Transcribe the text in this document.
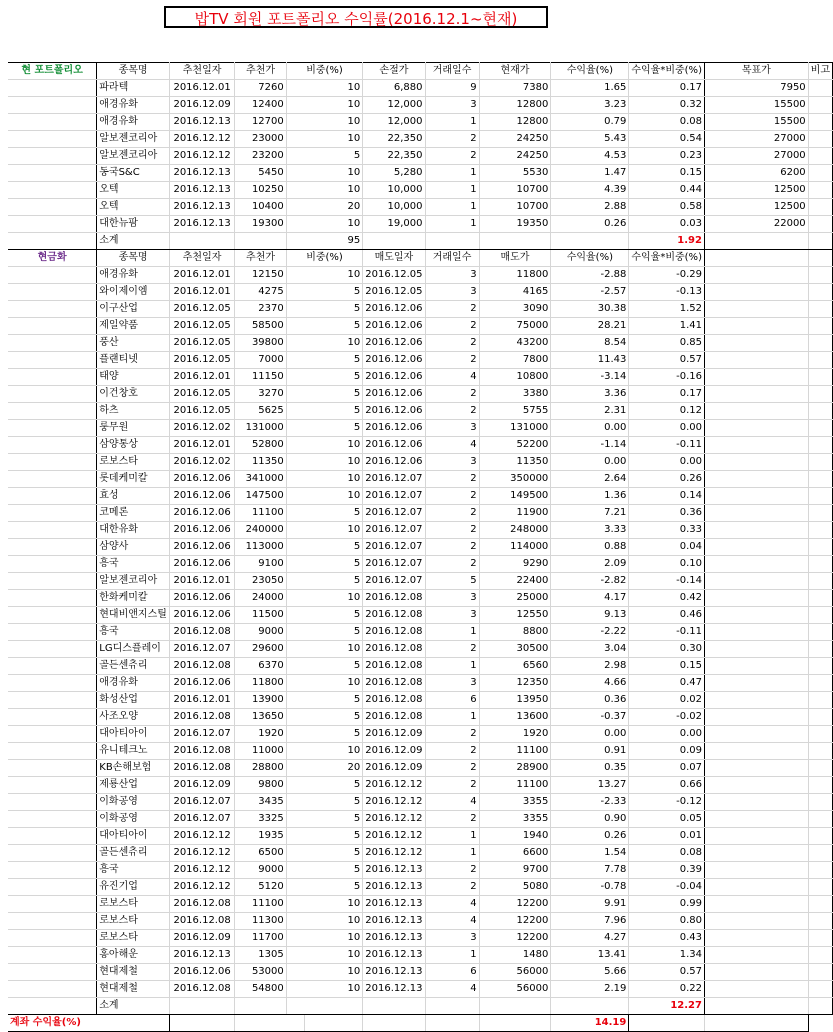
밥TV 회원 포트폴리오 수익률(2016.12.1~현재)
현 포트폴리오	종목명	추천일자	추천가	비중(%)		손절가	거래일수	현재가	수익율(%)	수익율*비중(%)	목표가	비고
	파라텍	2016.12.01	7260	10		6,880	9	7380	1.65	0.17	7950	
	애경유화	2016.12.09	12400	10		12,000	3	12800	3.23	0.32	15500	
	애경유화	2016.12.13	12700	10		12,000	1	12800	0.79	0.08	15500	
	알보젠코리아	2016.12.12	23000	10		22,350	2	24250	5.43	0.54	27000	
	알보젠코리아	2016.12.12	23200	5		22,350	2	24250	4.53	0.23	27000	
	동국S&C	2016.12.13	5450	10		5,280	1	5530	1.47	0.15	6200	
	오텍	2016.12.13	10250	10		10,000	1	10700	4.39	0.44	12500	
	오텍	2016.12.13	10400	20		10,000	1	10700	2.88	0.58	12500	
	대한뉴팜	2016.12.13	19300	10		19,000	1	19350	0.26	0.03	22000	
	소계			95						1.92		
현금화	종목명	추천일자	추천가	비중(%)		매도일자	거래일수	매도가	수익율(%)	수익율*비중(%)		
	애경유화	2016.12.01	12150	10		2016.12.05	3	11800	-2.88	-0.29		
	와이제이엠	2016.12.01	4275	5		2016.12.05	3	4165	-2.57	-0.13		
	이구산업	2016.12.05	2370	5		2016.12.06	2	3090	30.38	1.52		
	제일약품	2016.12.05	58500	5		2016.12.06	2	75000	28.21	1.41		
	풍산	2016.12.05	39800	10		2016.12.06	2	43200	8.54	0.85		
	플랜티넷	2016.12.05	7000	5		2016.12.06	2	7800	11.43	0.57		
	태양	2016.12.01	11150	5		2016.12.06	4	10800	-3.14	-0.16		
	이건창호	2016.12.05	3270	5		2016.12.06	2	3380	3.36	0.17		
	하츠	2016.12.05	5625	5		2016.12.06	2	5755	2.31	0.12		
	룽무원	2016.12.02	131000	5		2016.12.06	3	131000	0.00	0.00		
	삼양통상	2016.12.01	52800	10		2016.12.06	4	52200	-1.14	-0.11		
	로보스타	2016.12.02	11350	10		2016.12.06	3	11350	0.00	0.00		
	롯데케미칼	2016.12.06	341000	10		2016.12.07	2	350000	2.64	0.26		
	효성	2016.12.06	147500	10		2016.12.07	2	149500	1.36	0.14		
	코메론	2016.12.06	11100	5		2016.12.07	2	11900	7.21	0.36		
	대한유화	2016.12.06	240000	10		2016.12.07	2	248000	3.33	0.33		
	삼양사	2016.12.06	113000	5		2016.12.07	2	114000	0.88	0.04		
	흥국	2016.12.06	9100	5		2016.12.07	2	9290	2.09	0.10		
	알보젠코리아	2016.12.01	23050	5		2016.12.07	5	22400	-2.82	-0.14		
	한화케미칼	2016.12.06	24000	10		2016.12.08	3	25000	4.17	0.42		
	현대비앤지스틸	2016.12.06	11500	5		2016.12.08	3	12550	9.13	0.46		
	흥국	2016.12.08	9000	5		2016.12.08	1	8800	-2.22	-0.11		
	LG디스플레이	2016.12.07	29600	10		2016.12.08	2	30500	3.04	0.30		
	골든센츄리	2016.12.08	6370	5		2016.12.08	1	6560	2.98	0.15		
	애경유화	2016.12.06	11800	10		2016.12.08	3	12350	4.66	0.47		
	화성산업	2016.12.01	13900	5		2016.12.08	6	13950	0.36	0.02		
	사조오양	2016.12.08	13650	5		2016.12.08	1	13600	-0.37	-0.02		
	대아티아이	2016.12.07	1920	5		2016.12.09	2	1920	0.00	0.00		
	유니테크노	2016.12.08	11000	10		2016.12.09	2	11100	0.91	0.09		
	KB손해보험	2016.12.08	28800	20		2016.12.09	2	28900	0.35	0.07		
	제룡산업	2016.12.09	9800	5		2016.12.12	2	11100	13.27	0.66		
	이화공영	2016.12.07	3435	5		2016.12.12	4	3355	-2.33	-0.12		
	이화공영	2016.12.07	3325	5		2016.12.12	2	3355	0.90	0.05		
	대아티아이	2016.12.12	1935	5		2016.12.12	1	1940	0.26	0.01		
	골든센츄리	2016.12.12	6500	5		2016.12.12	1	6600	1.54	0.08		
	흥국	2016.12.12	9000	5		2016.12.13	2	9700	7.78	0.39		
	유진기업	2016.12.12	5120	5		2016.12.13	2	5080	-0.78	-0.04		
	로보스타	2016.12.08	11100	10		2016.12.13	4	12200	9.91	0.99		
	로보스타	2016.12.08	11300	10		2016.12.13	4	12200	7.96	0.80		
	로보스타	2016.12.09	11700	10		2016.12.13	3	12200	4.27	0.43		
	홍아해운	2016.12.13	1305	10		2016.12.13	1	1480	13.41	1.34		
	현대제철	2016.12.06	53000	10		2016.12.13	6	56000	5.66	0.57		
	현대제철	2016.12.08	54800	10		2016.12.13	4	56000	2.19	0.22		
	소계									12.27		
계좌 수익율(%)									14.19			
